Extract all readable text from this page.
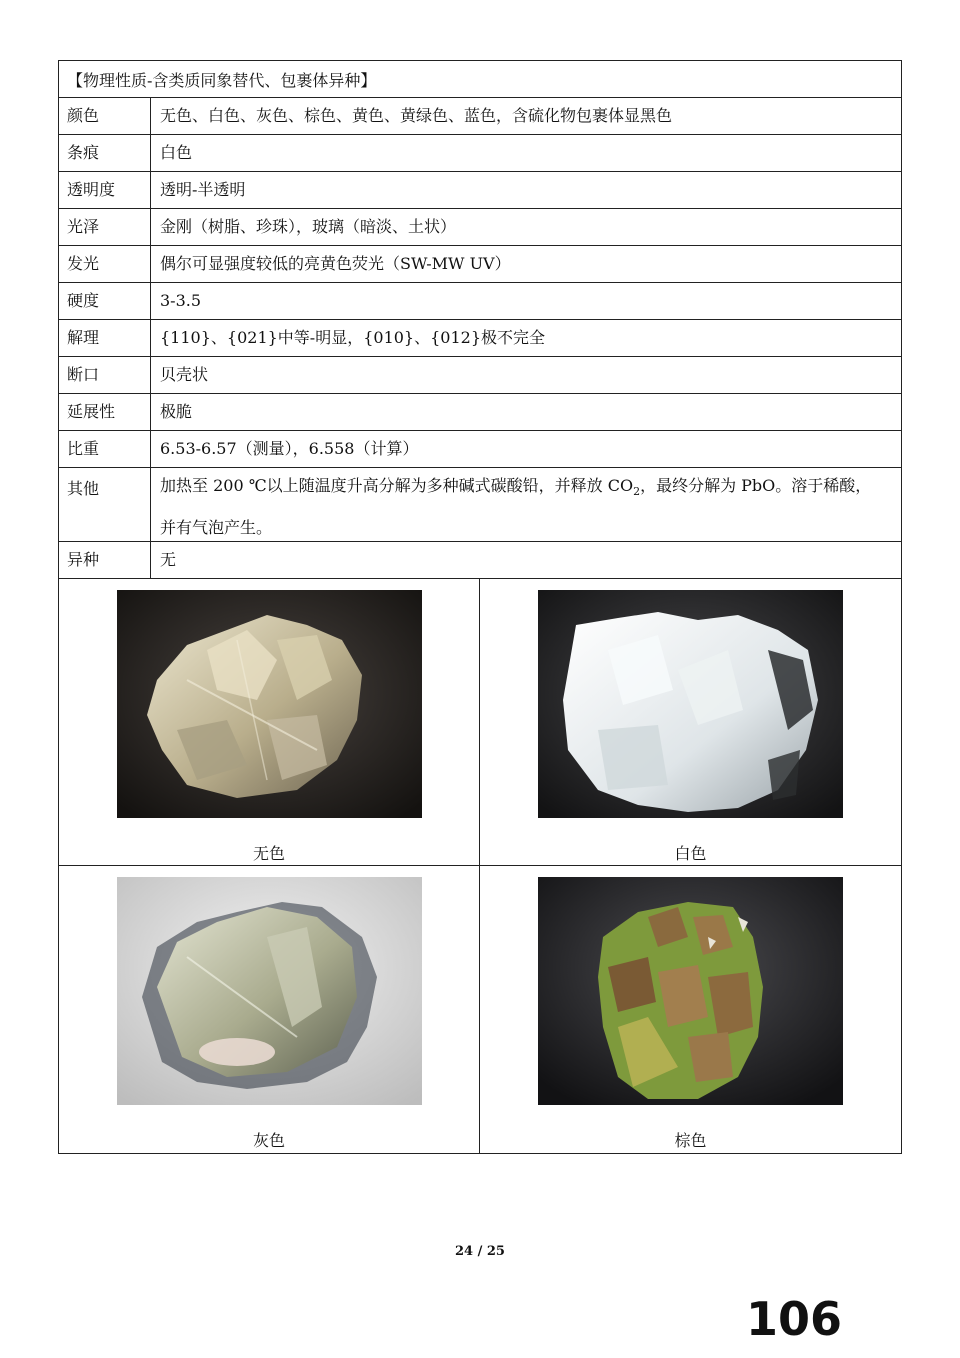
【物理性质-含类质同象替代、包裹体异种】
颜色	无色、白色、灰色、棕色、黄色、黄绿色、蓝色，含硫化物包裹体显黑色
条痕	白色
透明度	透明-半透明
光泽	金刚（树脂、珍珠），玻璃（暗淡、土状）
发光	偶尔可显强度较低的亮黄色荧光（SW-MW UV）
硬度	3-3.5
解理	{110}、{021}中等-明显，{010}、{012}极不完全
断口	贝壳状
延展性	极脆
比重	6.53-6.57（测量），6.558（计算）
其他	加热至 200 ℃以上随温度升高分解为多种碱式碳酸铅，并释放 $CO_2$，最终分解为 PbO。溶于稀酸，
并有气泡产生。
异种	无
无色	白色
灰色	棕色
24 / 25
106
